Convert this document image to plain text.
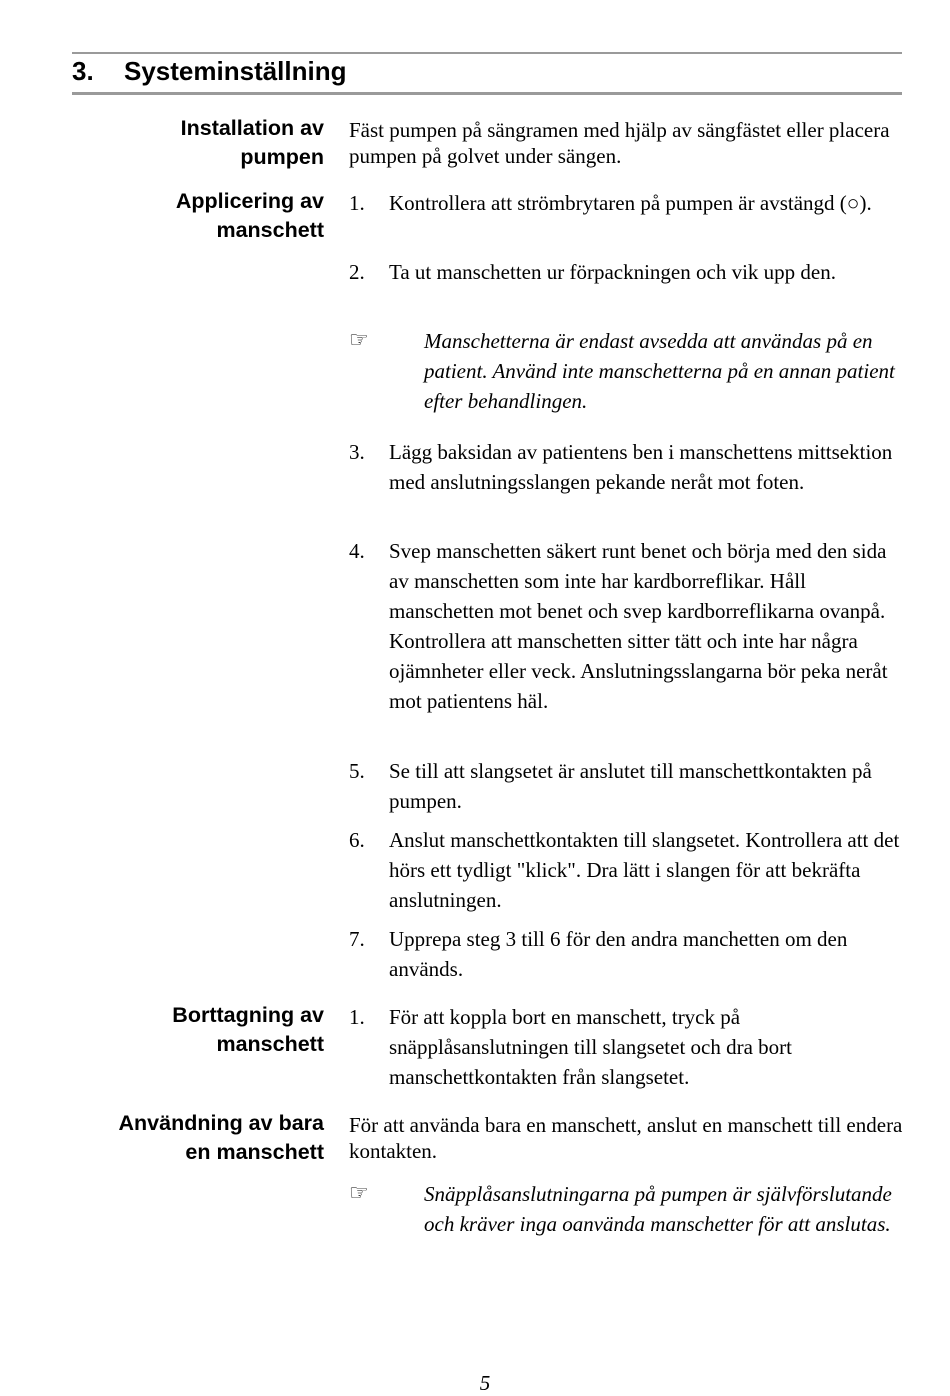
3. Systeminställning
Installation av
pumpen
Fäst pumpen på sängramen med hjälp av sängfästet eller placera pumpen på golvet under sängen.
Applicering av
manschett
1. Kontrollera att strömbrytaren på pumpen är avstängd (○).
2. Ta ut manschetten ur förpackningen och vik upp den.
☞	Manschetterna är endast avsedda att användas på en patient. Använd inte manschetterna på en annan patient efter behandlingen.
3. Lägg baksidan av patientens ben i manschettens mittsektion med anslutningsslangen pekande neråt mot foten.
4. Svep manschetten säkert runt benet och börja med den sida av manschetten som inte har kardborreflikar. Håll manschetten mot benet och svep kardborreflikarna ovanpå. Kontrollera att manschetten sitter tätt och inte har några ojämnheter eller veck. Anslutningsslangarna bör peka neråt mot patientens häl.
5. Se till att slangsetet är anslutet till manschettkontakten på pumpen.
6. Anslut manschettkontakten till slangsetet. Kontrollera att det hörs ett tydligt "klick". Dra lätt i slangen för att bekräfta anslutningen.
7. Upprepa steg 3 till 6 för den andra manchetten om den används.
Borttagning av
manschett
1. För att koppla bort en manschett, tryck på snäpplåsanslutningen till slangsetet och dra bort manschettkontakten från slangsetet.
Användning av bara
en manschett
För att använda bara en manschett, anslut en manschett till endera kontakten.
☞	Snäpplåsanslutningarna på pumpen är självförslutande och kräver inga oanvända manschetter för att anslutas.
5
